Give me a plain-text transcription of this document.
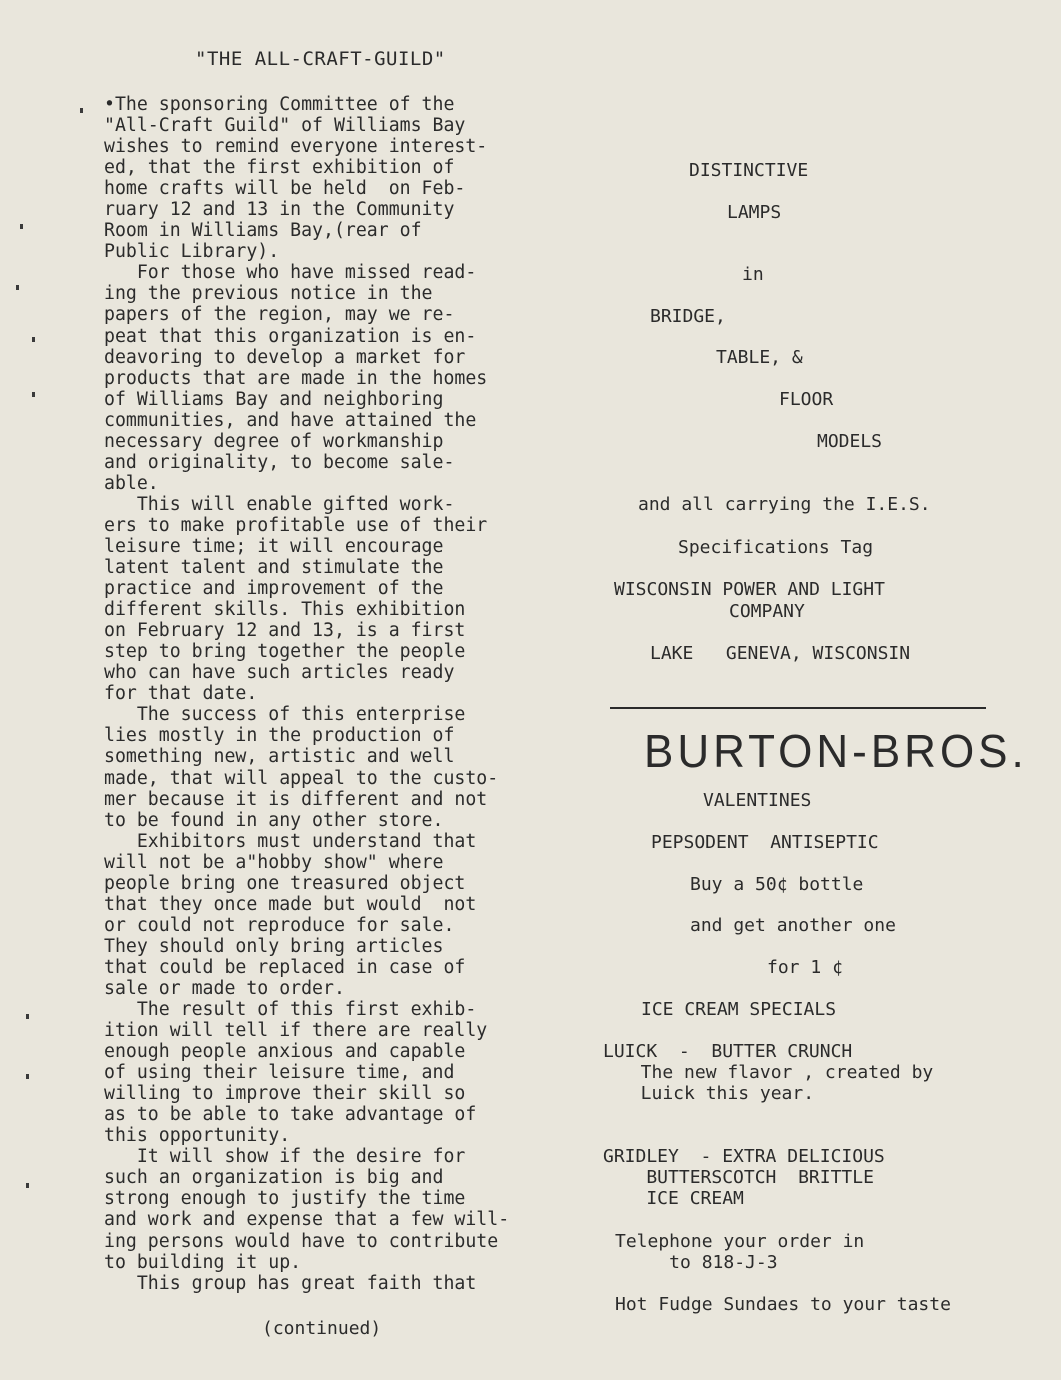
"THE ALL-CRAFT-GUILD"
•The sponsoring Committee of the
"All-Craft Guild" of Williams Bay
wishes to remind everyone interest-
ed, that the first exhibition of
home crafts will be held  on Feb-
ruary 12 and 13 in the Community
Room in Williams Bay,(rear of
Public Library).
For those who have missed read-
ing the previous notice in the
papers of the region, may we re-
peat that this organization is en-
deavoring to develop a market for
products that are made in the homes
of Williams Bay and neighboring
communities, and have attained the
necessary degree of workmanship
and originality, to become sale-
able.
This will enable gifted work-
ers to make profitable use of their
leisure time; it will encourage
latent talent and stimulate the
practice and improvement of the
different skills. This exhibition
on February 12 and 13, is a first
step to bring together the people
who can have such articles ready
for that date.
The success of this enterprise
lies mostly in the production of
something new, artistic and well
made, that will appeal to the custo-
mer because it is different and not
to be found in any other store.
Exhibitors must understand that
will not be a"hobby show" where
people bring one treasured object
that they once made but would  not
or could not reproduce for sale.
They should only bring articles
that could be replaced in case of
sale or made to order.
The result of this first exhib-
ition will tell if there are really
enough people anxious and capable
of using their leisure time, and
willing to improve their skill so
as to be able to take advantage of
this opportunity.
It will show if the desire for
such an organization is big and
strong enough to justify the time
and work and expense that a few will-
ing persons would have to contribute
to building it up.
This group has great faith that
(continued)
DISTINCTIVE
LAMPS
in
BRIDGE,
TABLE, &
FLOOR
MODELS
and all carrying the I.E.S.
Specifications Tag
WISCONSIN POWER AND LIGHT
COMPANY
LAKE   GENEVA, WISCONSIN
BURTON-BROS.
VALENTINES
PEPSODENT  ANTISEPTIC
Buy a 50¢ bottle
and get another one
for 1 ¢
ICE CREAM SPECIALS
LUICK  -  BUTTER CRUNCH
The new flavor , created by
Luick this year.
GRIDLEY  - EXTRA DELICIOUS
BUTTERSCOTCH  BRITTLE
ICE CREAM
Telephone your order in
to 818-J-3
Hot Fudge Sundaes to your taste
